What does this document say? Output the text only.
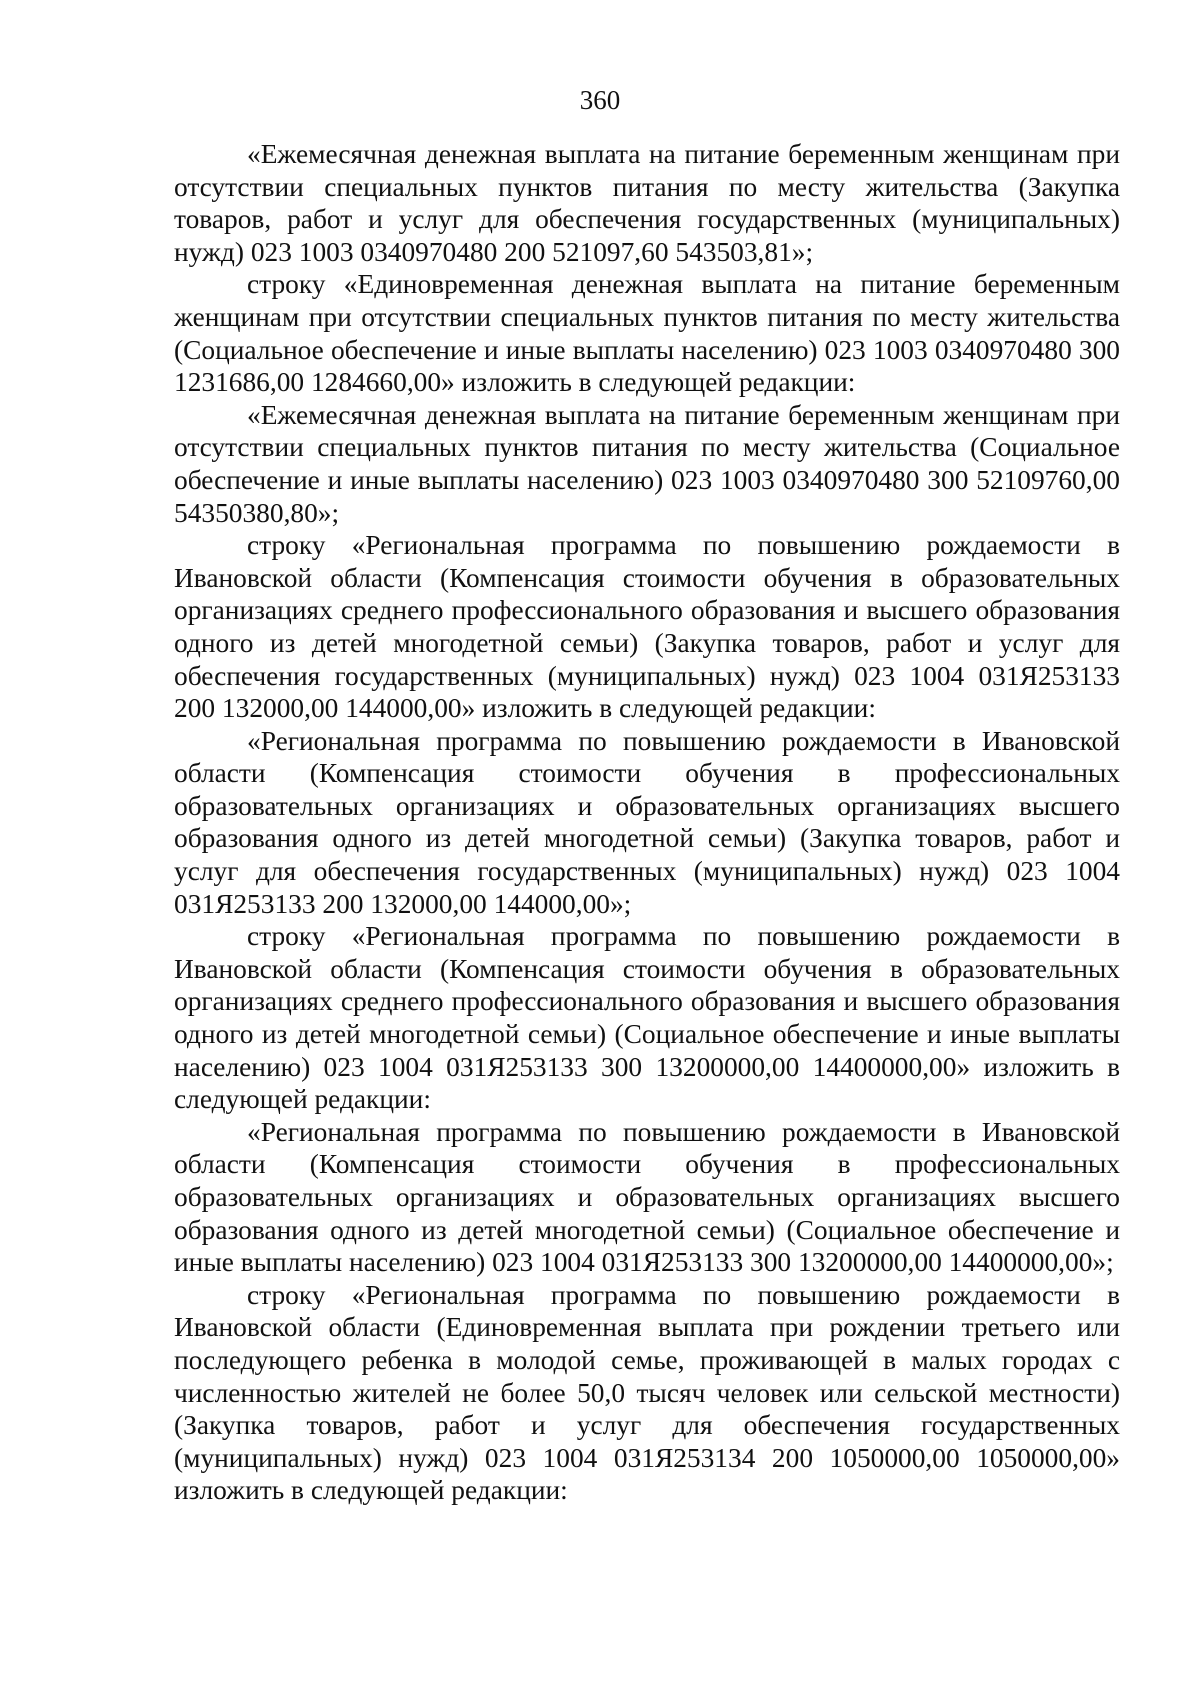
360

«Ежемесячная денежная выплата на питание беременным женщинам при отсутствии специальных пунктов питания по месту жительства (Закупка товаров, работ и услуг для обеспечения государственных (муниципальных) нужд) 023 1003 0340970480 200 521097,60 543503,81»;

строку «Единовременная денежная выплата на питание беременным женщинам при отсутствии специальных пунктов питания по месту жительства (Социальное обеспечение и иные выплаты населению) 023 1003 0340970480 300 1231686,00 1284660,00» изложить в следующей редакции:

«Ежемесячная денежная выплата на питание беременным женщинам при отсутствии специальных пунктов питания по месту жительства (Социальное обеспечение и иные выплаты населению) 023 1003 0340970480 300 52109760,00 54350380,80»;

строку «Региональная программа по повышению рождаемости в Ивановской области (Компенсация стоимости обучения в образовательных организациях среднего профессионального образования и высшего образования одного из детей многодетной семьи) (Закупка товаров, работ и услуг для обеспечения государственных (муниципальных) нужд) 023 1004 031Я253133 200 132000,00 144000,00» изложить в следующей редакции:

«Региональная программа по повышению рождаемости в Ивановской области (Компенсация стоимости обучения в профессиональных образовательных организациях и образовательных организациях высшего образования одного из детей многодетной семьи) (Закупка товаров, работ и услуг для обеспечения государственных (муниципальных) нужд) 023 1004 031Я253133 200 132000,00 144000,00»;

строку «Региональная программа по повышению рождаемости в Ивановской области (Компенсация стоимости обучения в образовательных организациях среднего профессионального образования и высшего образования одного из детей многодетной семьи) (Социальное обеспечение и иные выплаты населению) 023 1004 031Я253133 300 13200000,00 14400000,00» изложить в следующей редакции:

«Региональная программа по повышению рождаемости в Ивановской области (Компенсация стоимости обучения в профессиональных образовательных организациях и образовательных организациях высшего образования одного из детей многодетной семьи) (Социальное обеспечение и иные выплаты населению) 023 1004 031Я253133 300 13200000,00 14400000,00»;

строку «Региональная программа по повышению рождаемости в Ивановской области (Единовременная выплата при рождении третьего или последующего ребенка в молодой семье, проживающей в малых городах с численностью жителей не более 50,0 тысяч человек или сельской местности) (Закупка товаров, работ и услуг для обеспечения государственных (муниципальных) нужд) 023 1004 031Я253134 200 1050000,00 1050000,00» изложить в следующей редакции:
